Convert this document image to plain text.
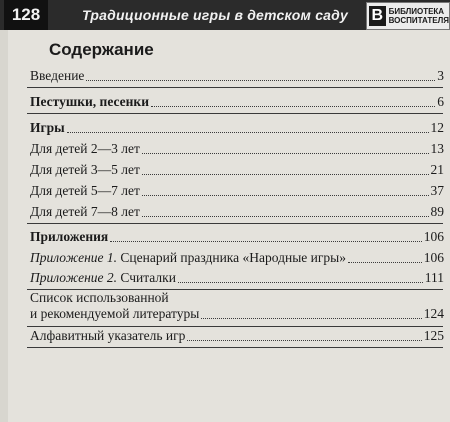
128	Традиционные игры в детском саду В БИБЛИОТЕКА
ВОСПИТАТЕЛЯ
Содержание
Введение	3
Пестушки, песенки	6
Игры	12
Для детей 2—3 лет	13
Для детей 3—5 лет	21
Для детей 5—7 лет	37
Для детей 7—8 лет	89
Приложения	106
Приложение 1. Сценарий праздника «Народные игры»	106
Приложение 2. Считалки	111
Список использованной
и рекомендуемой литературы	124
Алфавитный указатель игр	125
